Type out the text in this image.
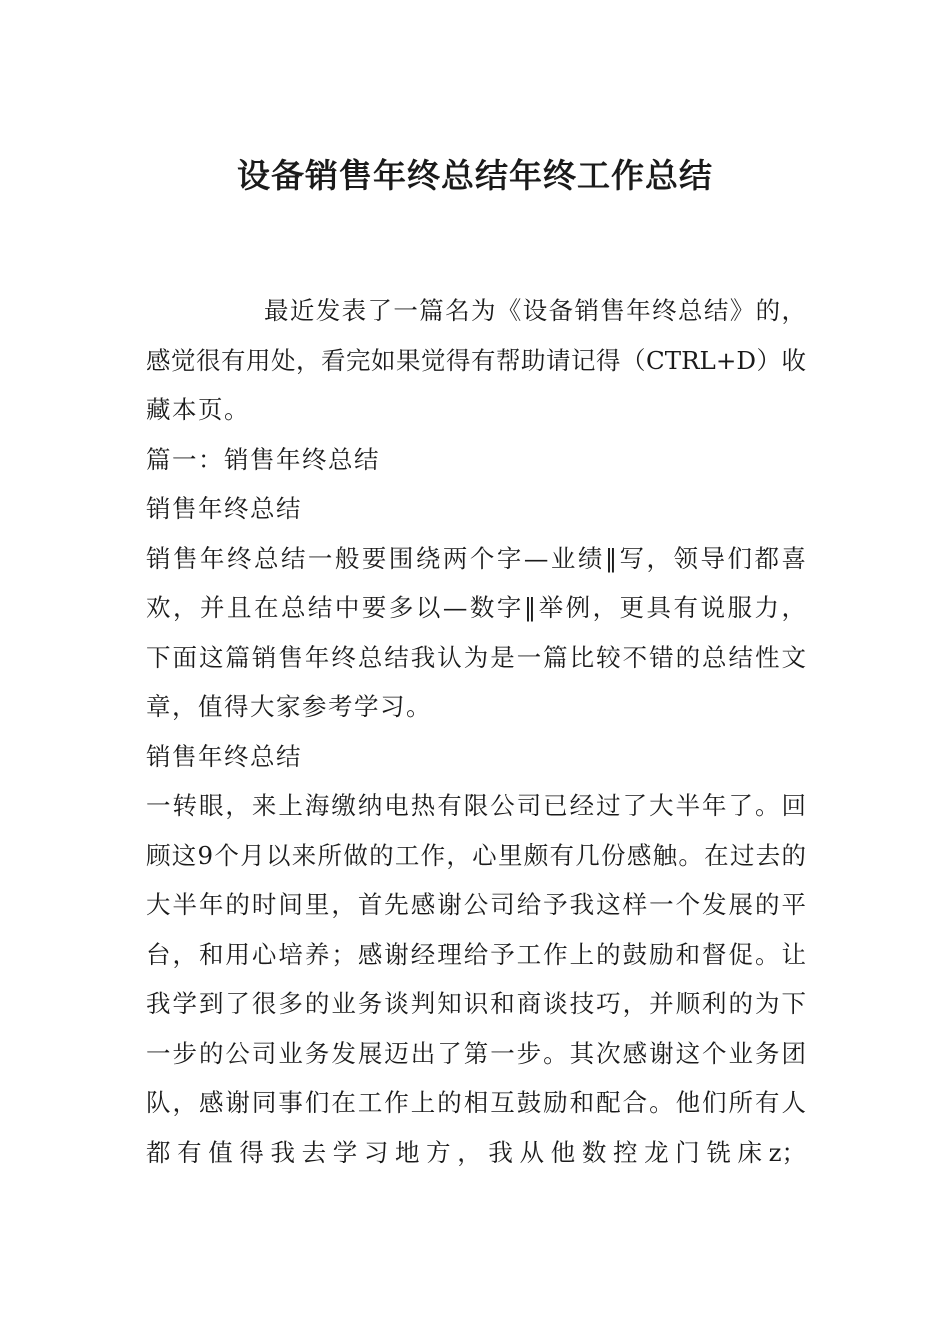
设备销售年终总结年终工作总结
最近发表了一篇名为《设备销售年终总结》的，
感觉很有用处，看完如果觉得有帮助请记得（CTRL+D）收
藏本页。
篇一：销售年终总结
销售年终总结
销售年终总结一般要围绕两个字—业绩‖写，领导们都喜
欢，并且在总结中要多以—数字‖举例，更具有说服力，
下面这篇销售年终总结我认为是一篇比较不错的总结性文
章，值得大家参考学习。
销售年终总结
一转眼，来上海缴纳电热有限公司已经过了大半年了。回
顾这9个月以来所做的工作，心里颇有几份感触。在过去的
大半年的时间里，首先感谢公司给予我这样一个发展的平
台，和用心培养；感谢经理给予工作上的鼓励和督促。让
我学到了很多的业务谈判知识和商谈技巧，并顺利的为下
一步的公司业务发展迈出了第一步。其次感谢这个业务团
队，感谢同事们在工作上的相互鼓励和配合。他们所有人
都有值得我去学习地方，我从他数控龙门铣床z；
